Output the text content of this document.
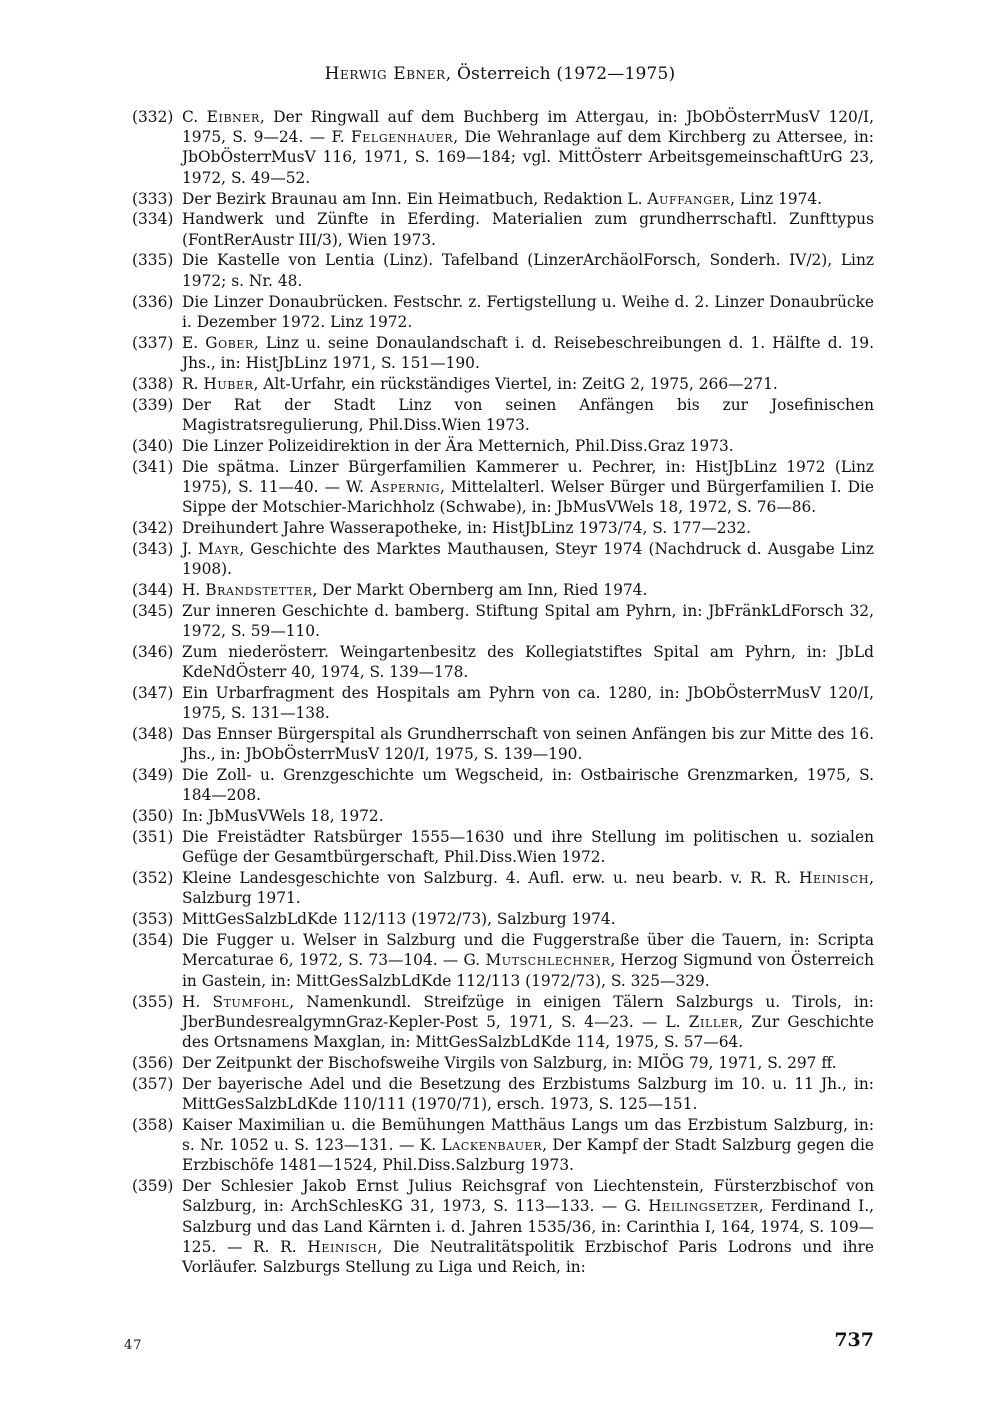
Herwig Ebner, Österreich (1972—1975)
(332) C. Eibner, Der Ringwall auf dem Buchberg im Attergau, in: JbObÖsterrMusV 120/I, 1975, S. 9—24. — F. Felgenhauer, Die Wehranlage auf dem Kirchberg zu Attersee, in: JbObÖsterrMusV 116, 1971, S. 169—184; vgl. MittÖsterr ArbeitsgemeinschaftUrG 23, 1972, S. 49—52.
(333) Der Bezirk Braunau am Inn. Ein Heimatbuch, Redaktion L. Auffanger, Linz 1974.
(334) Handwerk und Zünfte in Eferding. Materialien zum grundherrschaftl. Zunfttypus (FontRerAustr III/3), Wien 1973.
(335) Die Kastelle von Lentia (Linz). Tafelband (LinzerArchäolForsch, Sonderh. IV/2), Linz 1972; s. Nr. 48.
(336) Die Linzer Donaubrücken. Festschr. z. Fertigstellung u. Weihe d. 2. Linzer Donaubrücke i. Dezember 1972. Linz 1972.
(337) E. Gober, Linz u. seine Donaulandschaft i. d. Reisebeschreibungen d. 1. Hälfte d. 19. Jhs., in: HistJbLinz 1971, S. 151—190.
(338) R. Huber, Alt-Urfahr, ein rückständiges Viertel, in: ZeitG 2, 1975, 266—271.
(339) Der Rat der Stadt Linz von seinen Anfängen bis zur Josefinischen Magistratsregulierung, Phil.Diss.Wien 1973.
(340) Die Linzer Polizeidirektion in der Ära Metternich, Phil.Diss.Graz 1973.
(341) Die spätma. Linzer Bürgerfamilien Kammerer u. Pechrer, in: HistJbLinz 1972 (Linz 1975), S. 11—40. — W. Aspernig, Mittelalterl. Welser Bürger und Bürgerfamilien I. Die Sippe der Motschier-Marichholz (Schwabe), in: JbMusVWels 18, 1972, S. 76—86.
(342) Dreihundert Jahre Wasserapotheke, in: HistJbLinz 1973/74, S. 177—232.
(343) J. Mayr, Geschichte des Marktes Mauthausen, Steyr 1974 (Nachdruck d. Ausgabe Linz 1908).
(344) H. Brandstetter, Der Markt Obernberg am Inn, Ried 1974.
(345) Zur inneren Geschichte d. bamberg. Stiftung Spital am Pyhrn, in: JbFränkLdForsch 32, 1972, S. 59—110.
(346) Zum niederösterr. Weingartenbesitz des Kollegiatstiftes Spital am Pyhrn, in: JbLd KdeNdÖsterr 40, 1974, S. 139—178.
(347) Ein Urbarfragment des Hospitals am Pyhrn von ca. 1280, in: JbObÖsterrMusV 120/I, 1975, S. 131—138.
(348) Das Ennser Bürgerspital als Grundherrschaft von seinen Anfängen bis zur Mitte des 16. Jhs., in: JbObÖsterrMusV 120/I, 1975, S. 139—190.
(349) Die Zoll- u. Grenzgeschichte um Wegscheid, in: Ostbairische Grenzmarken, 1975, S. 184—208.
(350) In: JbMusVWels 18, 1972.
(351) Die Freistädter Ratsbürger 1555—1630 und ihre Stellung im politischen u. sozialen Gefüge der Gesamtbürgerschaft, Phil.Diss.Wien 1972.
(352) Kleine Landesgeschichte von Salzburg. 4. Aufl. erw. u. neu bearb. v. R. R. Heinisch, Salzburg 1971.
(353) MittGesSalzbLdKde 112/113 (1972/73), Salzburg 1974.
(354) Die Fugger u. Welser in Salzburg und die Fuggerstraße über die Tauern, in: Scripta Mercaturae 6, 1972, S. 73—104. — G. Mutschlechner, Herzog Sigmund von Österreich in Gastein, in: MittGesSalzbLdKde 112/113 (1972/73), S. 325—329.
(355) H. Stumfohl, Namenkundl. Streifzüge in einigen Tälern Salzburgs u. Tirols, in: JberBundesrealgymnGraz-Kepler-Post 5, 1971, S. 4—23. — L. Ziller, Zur Geschichte des Ortsnamens Maxglan, in: MittGesSalzbLdKde 114, 1975, S. 57—64.
(356) Der Zeitpunkt der Bischofsweihe Virgils von Salzburg, in: MIÖG 79, 1971, S. 297 ff.
(357) Der bayerische Adel und die Besetzung des Erzbistums Salzburg im 10. u. 11 Jh., in: MittGesSalzbLdKde 110/111 (1970/71), ersch. 1973, S. 125—151.
(358) Kaiser Maximilian u. die Bemühungen Matthäus Langs um das Erzbistum Salzburg, in: s. Nr. 1052 u. S. 123—131. — K. Lackenbauer, Der Kampf der Stadt Salzburg gegen die Erzbischöfe 1481—1524, Phil.Diss.Salzburg 1973.
(359) Der Schlesier Jakob Ernst Julius Reichsgraf von Liechtenstein, Fürsterzbischof von Salzburg, in: ArchSchlesKG 31, 1973, S. 113—133. — G. Heilingsetzer, Ferdinand I., Salzburg und das Land Kärnten i. d. Jahren 1535/36, in: Carinthia I, 164, 1974, S. 109—125. — R. R. Heinisch, Die Neutralitätspolitik Erzbischof Paris Lodrons und ihre Vorläufer. Salzburgs Stellung zu Liga und Reich, in:
47	737
